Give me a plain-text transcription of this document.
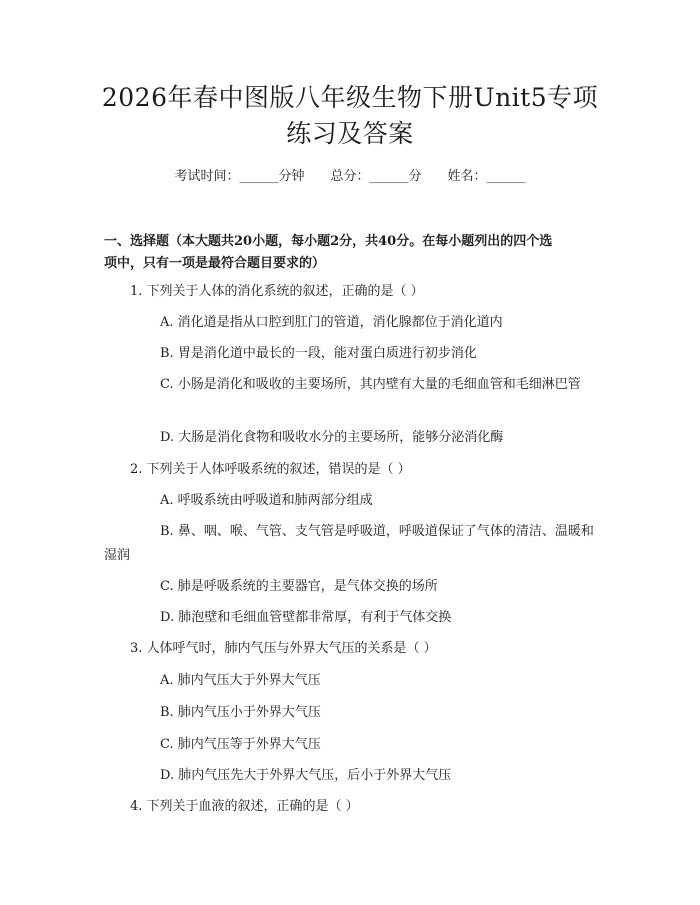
2026年春中图版八年级生物下册Unit5专项
练习及答案
考试时间：______分钟 总分：______分 姓名：______
一、选择题（本大题共20小题，每小题2分，共40分。在每小题列出的四个选
项中，只有一项是最符合题目要求的）
1. 下列关于人体的消化系统的叙述，正确的是（ ）
A. 消化道是指从口腔到肛门的管道，消化腺都位于消化道内
B. 胃是消化道中最长的一段，能对蛋白质进行初步消化
C. 小肠是消化和吸收的主要场所，其内壁有大量的毛细血管和毛细淋巴管
D. 大肠是消化食物和吸收水分的主要场所，能够分泌消化酶
2. 下列关于人体呼吸系统的叙述，错误的是（ ）
A. 呼吸系统由呼吸道和肺两部分组成
B. 鼻、咽、喉、气管、支气管是呼吸道，呼吸道保证了气体的清洁、温暖和湿润
C. 肺是呼吸系统的主要器官，是气体交换的场所
D. 肺泡壁和毛细血管壁都非常厚，有利于气体交换
3. 人体呼气时，肺内气压与外界大气压的关系是（ ）
A. 肺内气压大于外界大气压
B. 肺内气压小于外界大气压
C. 肺内气压等于外界大气压
D. 肺内气压先大于外界大气压，后小于外界大气压
4. 下列关于血液的叙述，正确的是（ ）
